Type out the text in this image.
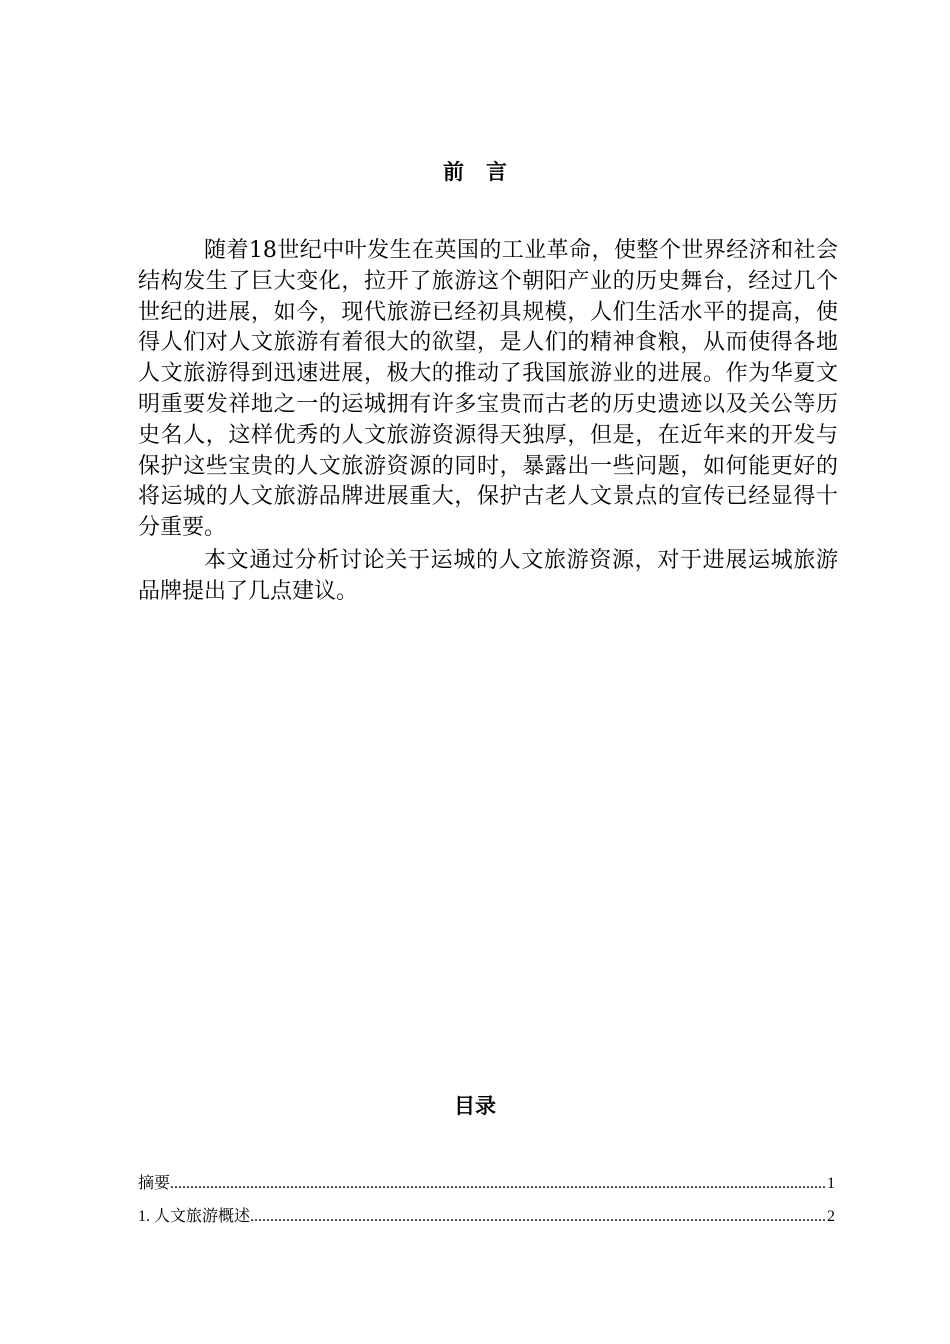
前言

随着18世纪中叶发生在英国的工业革命，使整个世界经济和社会结构发生了巨大变化，拉开了旅游这个朝阳产业的历史舞台，经过几个世纪的进展，如今，现代旅游已经初具规模，人们生活水平的提高，使得人们对人文旅游有着很大的欲望，是人们的精神食粮，从而使得各地人文旅游得到迅速进展，极大的推动了我国旅游业的进展。作为华夏文明重要发祥地之一的运城拥有许多宝贵而古老的历史遗迹以及关公等历史名人，这样优秀的人文旅游资源得天独厚，但是，在近年来的开发与保护这些宝贵的人文旅游资源的同时，暴露出一些问题，如何能更好的将运城的人文旅游品牌进展重大，保护古老人文景点的宣传已经显得十分重要。

本文通过分析讨论关于运城的人文旅游资源，对于进展运城旅游品牌提出了几点建议。

目录
摘要 .....	1
1. 人文旅游概述 .....	2
